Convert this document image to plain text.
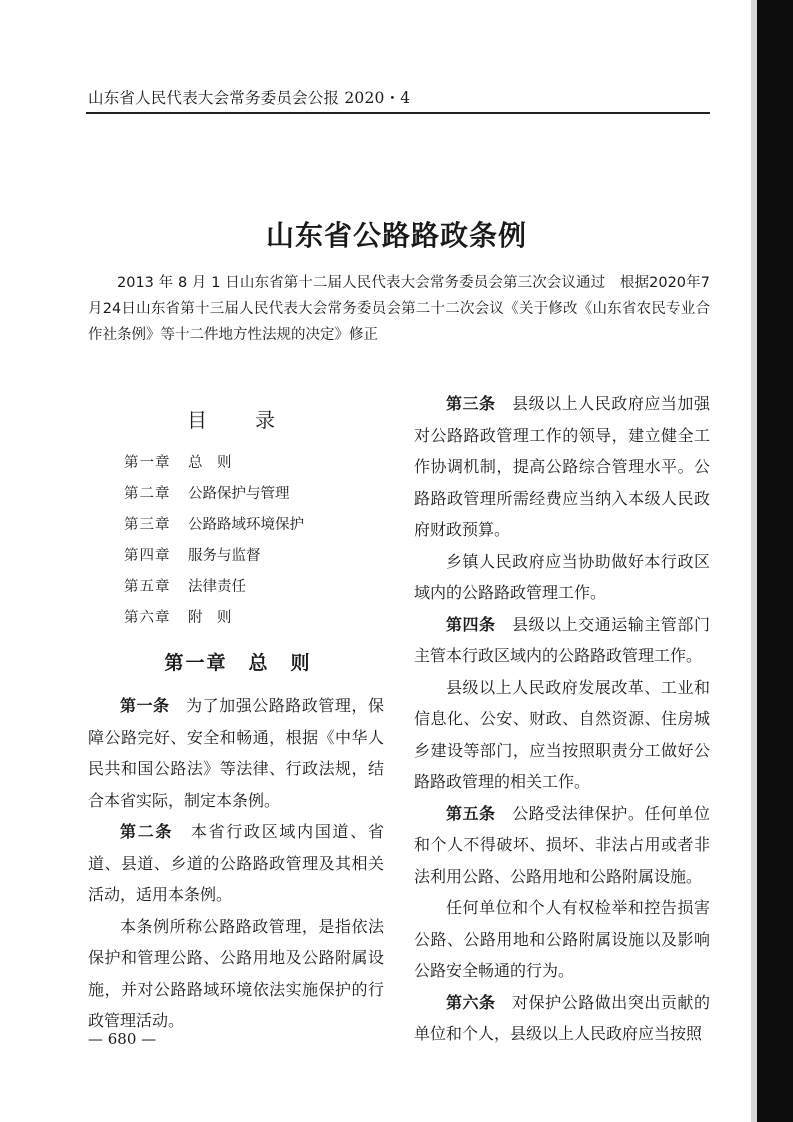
山东省人民代表大会常务委员会公报 2020・4
山东省公路路政条例
2013 年 8 月 1 日山东省第十二届人民代表大会常务委员会第三次会议通过　根据2020年7月24日山东省第十三届人民代表大会常务委员会第二十二次会议《关于修改《山东省农民专业合作社条例》等十二件地方性法规的决定》修正
目　录
第一章	总　则
第二章	公路保护与管理
第三章	公路路域环境保护
第四章	服务与监督
第五章	法律责任
第六章	附　则
第一章　总　则

第一条　 为了加强公路路政管理，保障公路完好、安全和畅通，根据《中华人民共和国公路法》等法律、行政法规，结合本省实际，制定本条例。

第二条　 本省行政区域内国道、省道、县道、乡道的公路路政管理及其相关活动，适用本条例。

本条例所称公路路政管理，是指依法保护和管理公路、公路用地及公路附属设施，并对公路路域环境依法实施保护的行政管理活动。

第三条　 县级以上人民政府应当加强对公路路政管理工作的领导，建立健全工作协调机制，提高公路综合管理水平。公路路政管理所需经费应当纳入本级人民政府财政预算。

乡镇人民政府应当协助做好本行政区域内的公路路政管理工作。

第四条　 县级以上交通运输主管部门主管本行政区域内的公路路政管理工作。

县级以上人民政府发展改革、工业和信息化、公安、财政、自然资源、住房城乡建设等部门，应当按照职责分工做好公路路政管理的相关工作。

第五条　 公路受法律保护。任何单位和个人不得破坏、损坏、非法占用或者非法利用公路、公路用地和公路附属设施。

任何单位和个人有权检举和控告损害公路、公路用地和公路附属设施以及影响公路安全畅通的行为。

第六条　 对保护公路做出突出贡献的单位和个人，县级以上人民政府应当按照

— 680 —
